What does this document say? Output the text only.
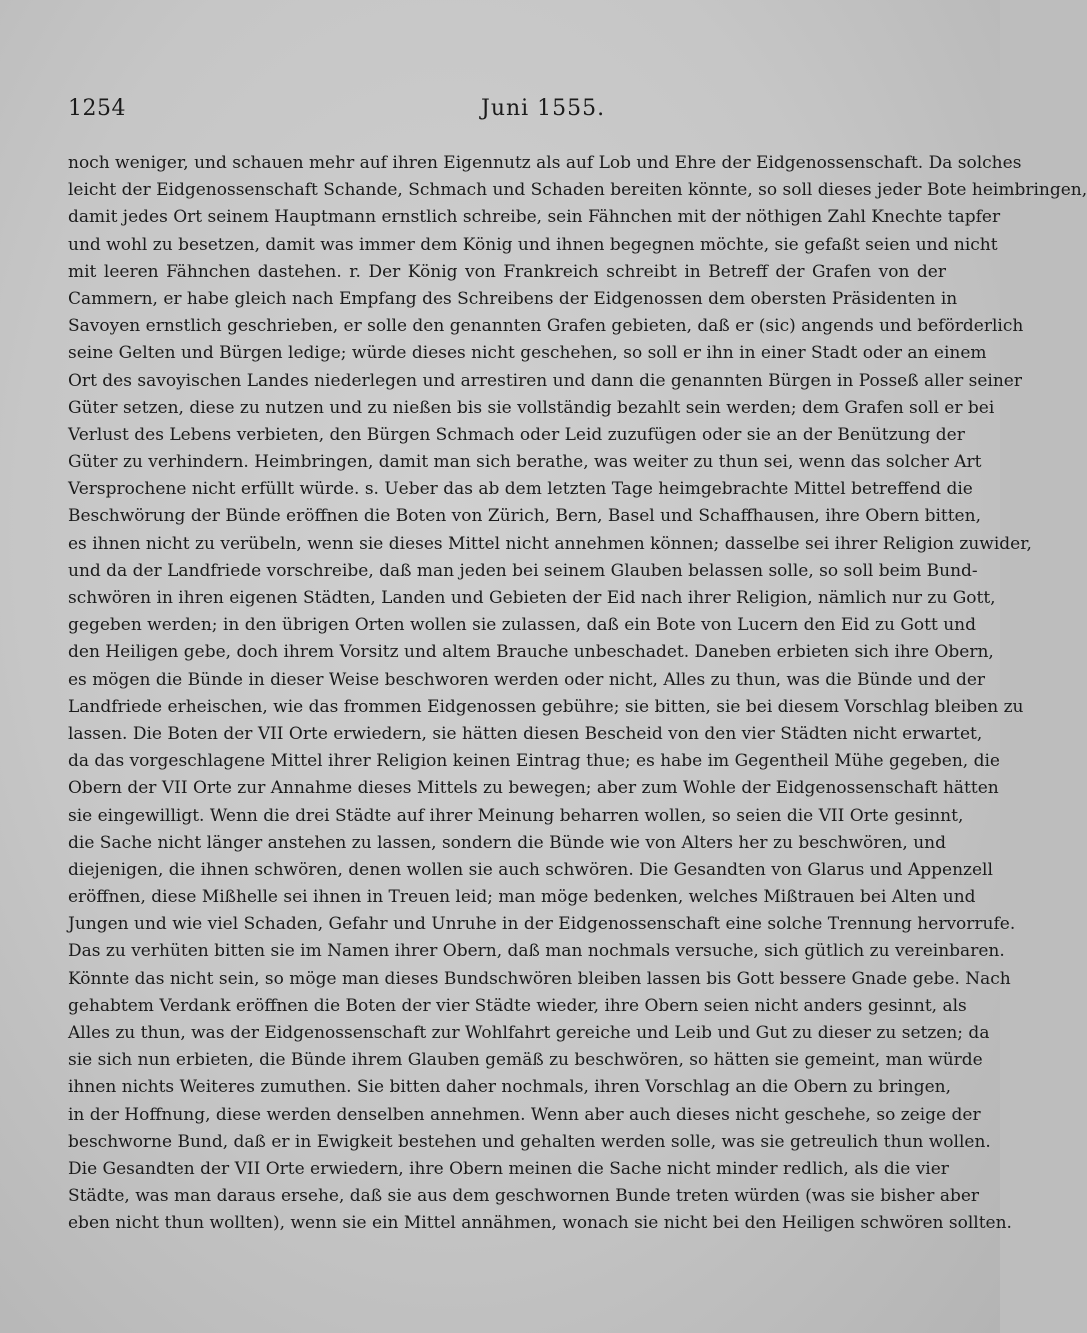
1254	Juni 1555.
noch weniger, und schauen mehr auf ihren Eigennutz als auf Lob und Ehre der Eidgenossenschaft. Da solches
leicht der Eidgenossenschaft Schande, Schmach und Schaden bereiten könnte, so soll dieses jeder Bote heimbringen,
damit jedes Ort seinem Hauptmann ernstlich schreibe, sein Fähnchen mit der nöthigen Zahl Knechte tapfer
und wohl zu besetzen, damit was immer dem König und ihnen begegnen möchte, sie gefaßt seien und nicht
mit leeren Fähnchen dastehen. r. Der König von Frankreich schreibt in Betreff der Grafen von der
Cammern, er habe gleich nach Empfang des Schreibens der Eidgenossen dem obersten Präsidenten in
Savoyen ernstlich geschrieben, er solle den genannten Grafen gebieten, daß er (sic) angends und beförderlich
seine Gelten und Bürgen ledige; würde dieses nicht geschehen, so soll er ihn in einer Stadt oder an einem
Ort des savoyischen Landes niederlegen und arrestiren und dann die genannten Bürgen in Posseß aller seiner
Güter setzen, diese zu nutzen und zu nießen bis sie vollständig bezahlt sein werden; dem Grafen soll er bei
Verlust des Lebens verbieten, den Bürgen Schmach oder Leid zuzufügen oder sie an der Benützung der
Güter zu verhindern. Heimbringen, damit man sich berathe, was weiter zu thun sei, wenn das solcher Art
Versprochene nicht erfüllt würde. s. Ueber das ab dem letzten Tage heimgebrachte Mittel betreffend die
Beschwörung der Bünde eröffnen die Boten von Zürich, Bern, Basel und Schaffhausen, ihre Obern bitten,
es ihnen nicht zu verübeln, wenn sie dieses Mittel nicht annehmen können; dasselbe sei ihrer Religion zuwider,
und da der Landfriede vorschreibe, daß man jeden bei seinem Glauben belassen solle, so soll beim Bund-
schwören in ihren eigenen Städten, Landen und Gebieten der Eid nach ihrer Religion, nämlich nur zu Gott,
gegeben werden; in den übrigen Orten wollen sie zulassen, daß ein Bote von Lucern den Eid zu Gott und
den Heiligen gebe, doch ihrem Vorsitz und altem Brauche unbeschadet. Daneben erbieten sich ihre Obern,
es mögen die Bünde in dieser Weise beschworen werden oder nicht, Alles zu thun, was die Bünde und der
Landfriede erheischen, wie das frommen Eidgenossen gebühre; sie bitten, sie bei diesem Vorschlag bleiben zu
lassen. Die Boten der VII Orte erwiedern, sie hätten diesen Bescheid von den vier Städten nicht erwartet,
da das vorgeschlagene Mittel ihrer Religion keinen Eintrag thue; es habe im Gegentheil Mühe gegeben, die
Obern der VII Orte zur Annahme dieses Mittels zu bewegen; aber zum Wohle der Eidgenossenschaft hätten
sie eingewilligt. Wenn die drei Städte auf ihrer Meinung beharren wollen, so seien die VII Orte gesinnt,
die Sache nicht länger anstehen zu lassen, sondern die Bünde wie von Alters her zu beschwören, und
diejenigen, die ihnen schwören, denen wollen sie auch schwören. Die Gesandten von Glarus und Appenzell
eröffnen, diese Mißhelle sei ihnen in Treuen leid; man möge bedenken, welches Mißtrauen bei Alten und
Jungen und wie viel Schaden, Gefahr und Unruhe in der Eidgenossenschaft eine solche Trennung hervorrufe.
Das zu verhüten bitten sie im Namen ihrer Obern, daß man nochmals versuche, sich gütlich zu vereinbaren.
Könnte das nicht sein, so möge man dieses Bundschwören bleiben lassen bis Gott bessere Gnade gebe. Nach
gehabtem Verdank eröffnen die Boten der vier Städte wieder, ihre Obern seien nicht anders gesinnt, als
Alles zu thun, was der Eidgenossenschaft zur Wohlfahrt gereiche und Leib und Gut zu dieser zu setzen; da
sie sich nun erbieten, die Bünde ihrem Glauben gemäß zu beschwören, so hätten sie gemeint, man würde
ihnen nichts Weiteres zumuthen. Sie bitten daher nochmals, ihren Vorschlag an die Obern zu bringen,
in der Hoffnung, diese werden denselben annehmen. Wenn aber auch dieses nicht geschehe, so zeige der
beschworne Bund, daß er in Ewigkeit bestehen und gehalten werden solle, was sie getreulich thun wollen.
Die Gesandten der VII Orte erwiedern, ihre Obern meinen die Sache nicht minder redlich, als die vier
Städte, was man daraus ersehe, daß sie aus dem geschwornen Bunde treten würden (was sie bisher aber
eben nicht thun wollten), wenn sie ein Mittel annähmen, wonach sie nicht bei den Heiligen schwören sollten.
